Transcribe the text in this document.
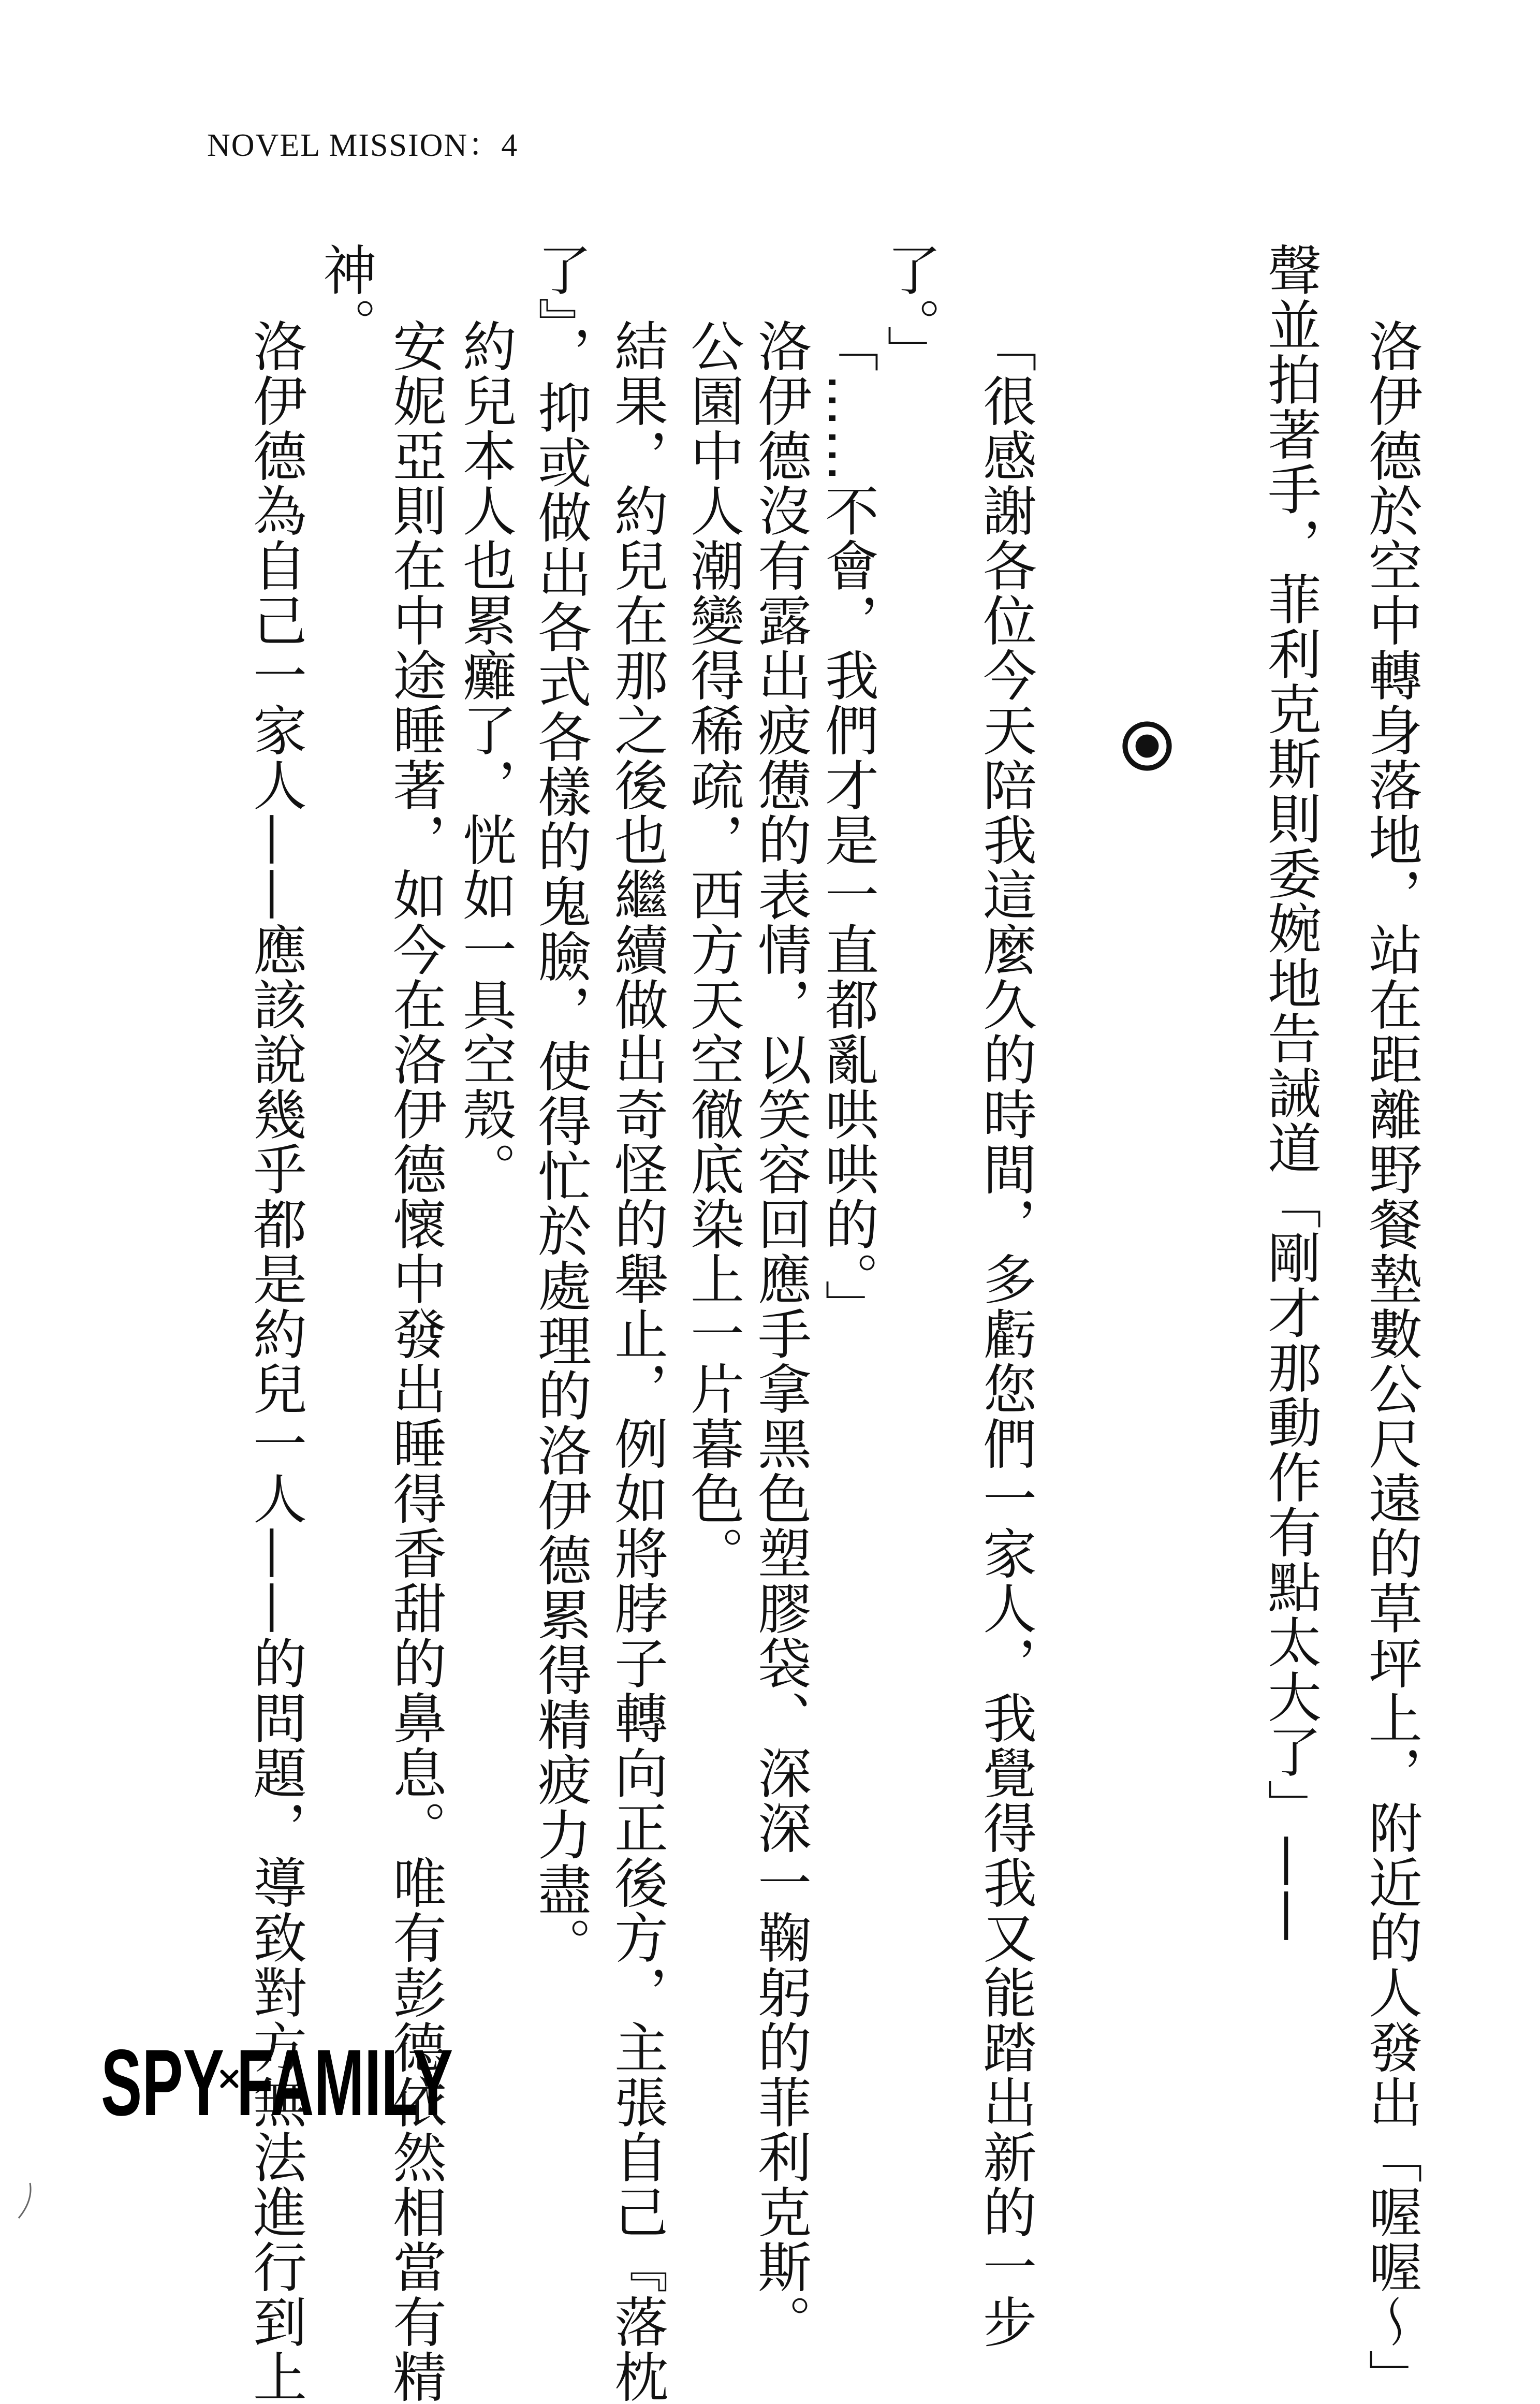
NOVEL MISSION：4
洛伊德於空中轉身落地，站在距離野餐墊數公尺遠的草坪上，附近的人發出「喔喔～」
聲並拍著手，菲利克斯則委婉地告誡道「剛才那動作有點太大了」——
「很感謝各位今天陪我這麼久的時間，多虧您們一家人，我覺得我又能踏出新的一步
了。」
「……不會，我們才是一直都亂哄哄的。」
洛伊德沒有露出疲憊的表情，以笑容回應手拿黑色塑膠袋、深深一鞠躬的菲利克斯。
公園中人潮變得稀疏，西方天空徹底染上一片暮色。
結果，約兒在那之後也繼續做出奇怪的舉止，例如將脖子轉向正後方，主張自己『落枕
了』，抑或做出各式各樣的鬼臉，使得忙於處理的洛伊德累得精疲力盡。
約兒本人也累癱了，恍如一具空殼。
安妮亞則在中途睡著，如今在洛伊德懷中發出睡得香甜的鼻息。唯有彭德依然相當有精
神。
洛伊德為自己一家人——應該說幾乎都是約兒一人——的問題，導致對方無法進行到上
SPY FAMILY
